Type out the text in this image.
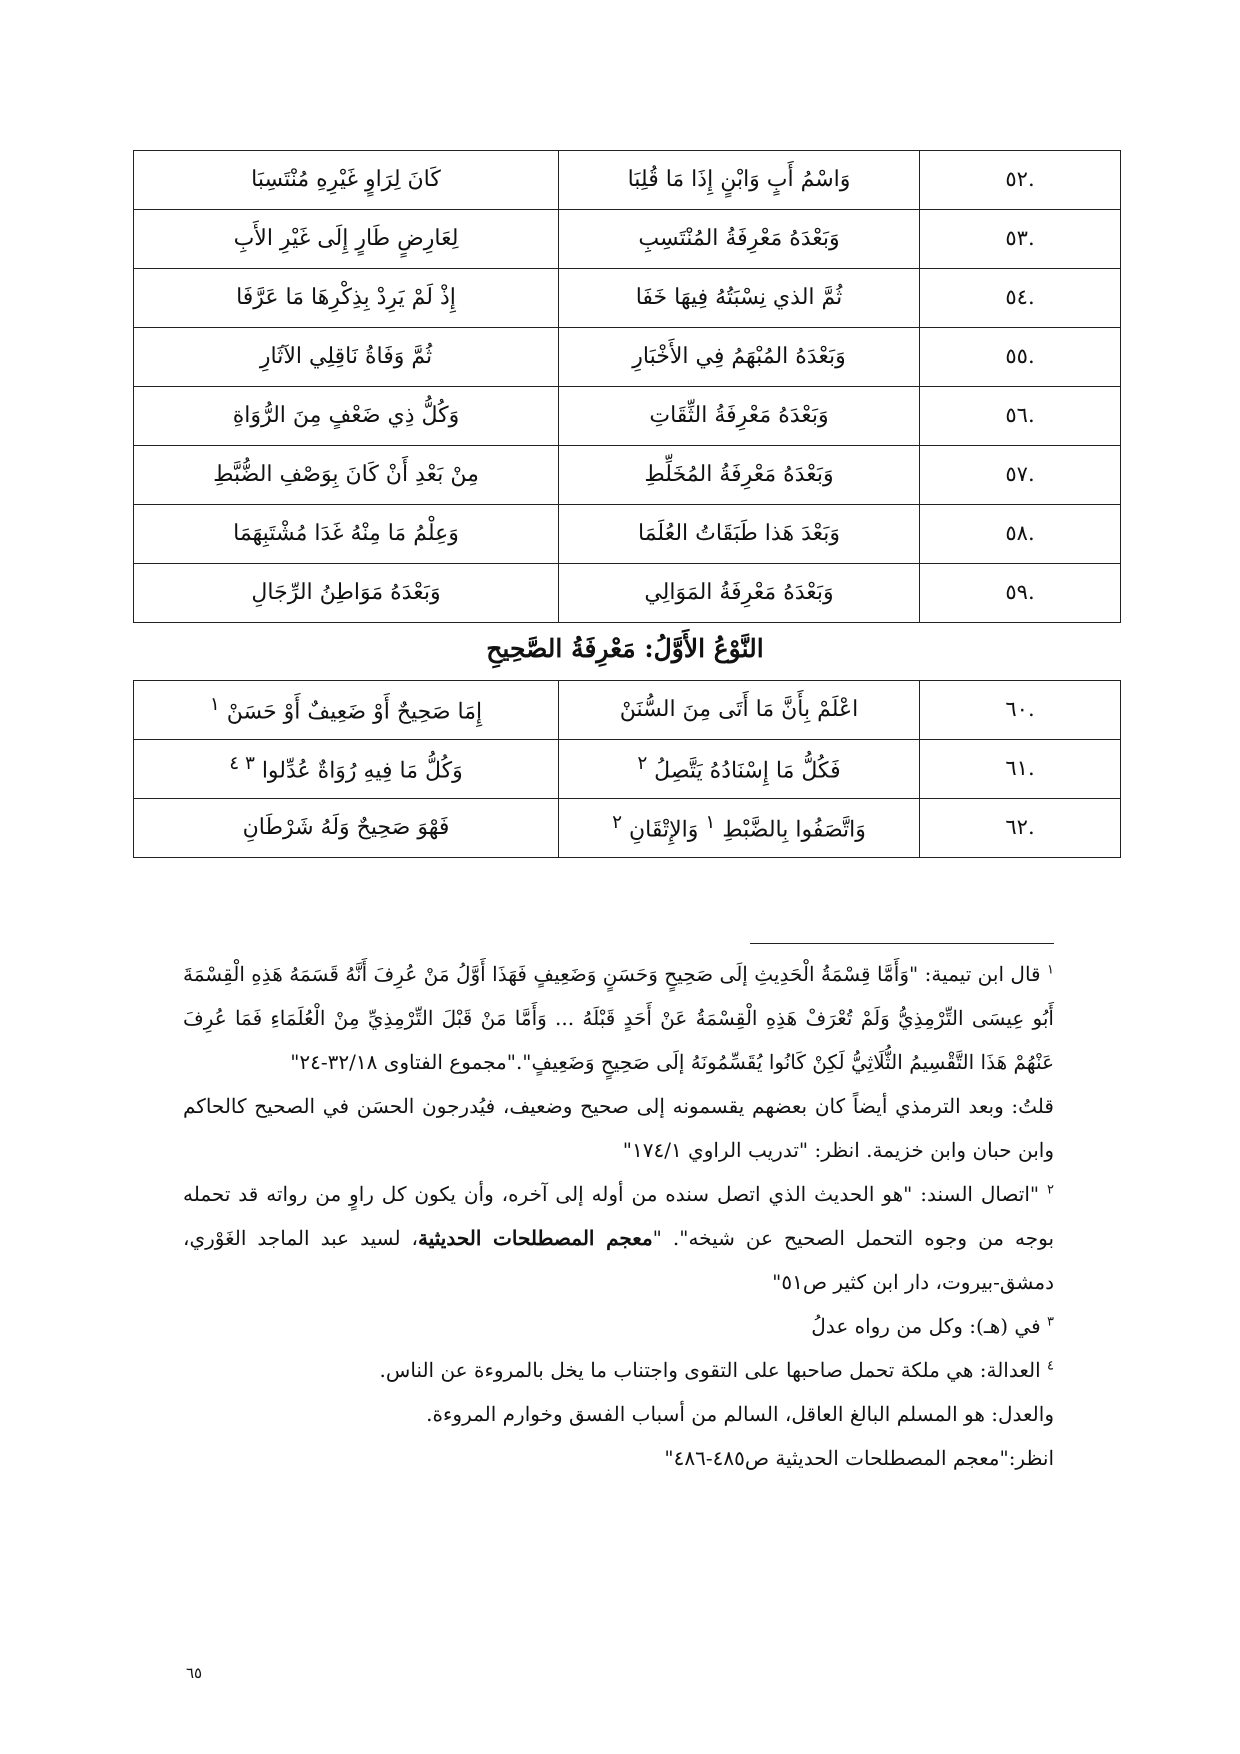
.٥٢	وَاسْمُ أَبٍ وَابْنٍ إِذَا مَا قُلِبَا	كَانَ لِرَاوٍ غَيْرِهِ مُنْتَسِبَا
.٥٣	وَبَعْدَهُ مَعْرِفَةُ المُنْتَسِبِ	لِعَارِضٍ طَارٍ إِلَى غَيْرِ الأَبِ
.٥٤	ثُمَّ الذي نِسْبَتُهُ فِيهَا خَفَا	إِذْ لَمْ يَرِدْ بِذِكْرِهَا مَا عَرَّفَا
.٥٥	وَبَعْدَهُ المُبْهَمُ فِي الأَخْبَارِ	ثُمَّ وَفَاةُ نَاقِلِي الآثَارِ
.٥٦	وَبَعْدَهُ مَعْرِفَةُ الثِّقَاتِ	وَكُلُّ ذِي ضَعْفٍ مِنَ الرُّوَاةِ
.٥٧	وَبَعْدَهُ مَعْرِفَةُ المُخَلِّطِ	مِنْ بَعْدِ أَنْ كَانَ بِوَصْفِ الضُّبَّطِ
.٥٨	وَبَعْدَ هَذا طَبَقَاتُ العُلَمَا	وَعِلْمُ مَا مِنْهُ غَدَا مُشْتَبِهَمَا
.٥٩	وَبَعْدَهُ مَعْرِفَةُ المَوَالِي	وَبَعْدَهُ مَوَاطِنُ الرِّجَالِ
النَّوْعُ الأَوَّلُ: مَعْرِفَةُ الصَّحِيحِ
.٦٠	اعْلَمْ بِأَنَّ مَا أَتَى مِنَ السُّنَنْ	إِمَا صَحِيحٌ أَوْ ضَعِيفٌ أَوْ حَسَنْ $^١$
.٦١	فَكُلُّ مَا إِسْنَادُهُ يَتَّصِلُ $^٢$	وَكُلُّ مَا فِيهِ رُوَاةٌ عُدِّلوا $^{٣ ٤}$
.٦٢	وَاتَّصَفُوا بِالضَّبْطِ $^١$ وَالإِتْقَانِ $^٢$	فَهْوَ صَحِيحٌ وَلَهُ شَرْطَانِ

$^١$ قال ابن تيمية: "وَأَمَّا قِسْمَةُ الْحَدِيثِ إلَى صَحِيحٍ وَحَسَنٍ وَضَعِيفٍ فَهَذَا أَوَّلُ مَنْ عُرِفَ أَنَّهُ قَسَمَهُ هَذِهِ الْقِسْمَةَ أَبُو عِيسَى التِّرْمِذِيُّ وَلَمْ تُعْرَفْ هَذِهِ الْقِسْمَةُ عَنْ أَحَدٍ قَبْلَهُ ... وَأَمَّا مَنْ قَبْلَ التِّرْمِذِيِّ مِنْ الْعُلَمَاءِ فَمَا عُرِفَ عَنْهُمْ هَذَا التَّقْسِيمُ الثُّلَاثِيُّ لَكِنْ كَانُوا يُقَسِّمُونَهُ إلَى صَحِيحٍ وَضَعِيفٍ"."مجموع الفتاوى ٣٢/١٨-٢٤"

قلتُ: وبعد الترمذي أيضاً كان بعضهم يقسمونه إلى صحيح وضعيف، فيُدرجون الحسَن في الصحيح كالحاكم وابن حبان وابن خزيمة. انظر: "تدريب الراوي ١٧٤/١"

$^٢$ "اتصال السند: "هو الحديث الذي اتصل سنده من أوله إلى آخره، وأن يكون كل راوٍ من رواته قد تحمله بوجه من وجوه التحمل الصحيح عن شيخه". "معجم المصطلحات الحديثية، لسيد عبد الماجد الغَوْري، دمشق-بيروت، دار ابن كثير ص٥١"

$^٣$ في (هـ): وكل من رواه عدلُ

$^٤$ العدالة: هي ملكة تحمل صاحبها على التقوى واجتناب ما يخل بالمروءة عن الناس.

والعدل: هو المسلم البالغ العاقل، السالم من أسباب الفسق وخوارم المروءة.

انظر:"معجم المصطلحات الحديثية ص٤٨٥-٤٨٦"

٦٥
